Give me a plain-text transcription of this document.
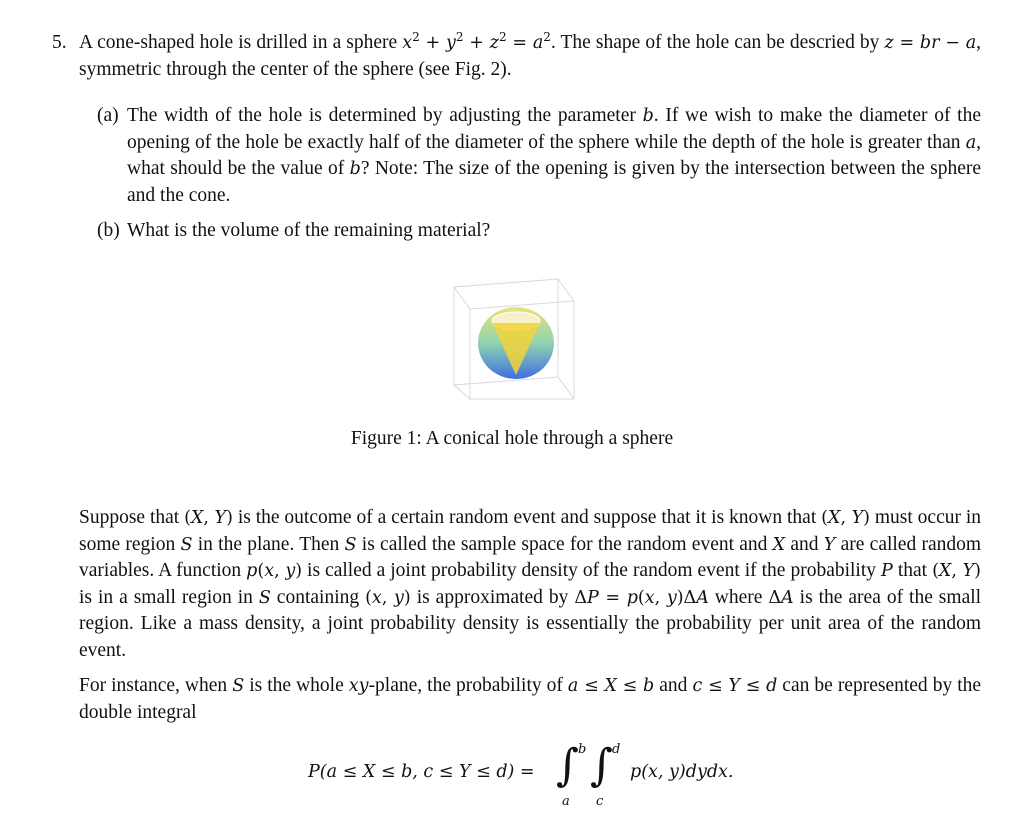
5. A cone-shaped hole is drilled in a sphere $x^2 + y^2 + z^2 = a^2$. The shape of the hole can be descried by z = br − a, symmetric through the center of the sphere (see Fig. 2).
(a) The width of the hole is determined by adjusting the parameter b. If we wish to make the diameter of the opening of the hole be exactly half of the diameter of the sphere while the depth of the hole is greater than a, what should be the value of b? Note: The size of the opening is given by the intersection between the sphere and the cone.
(b) What is the volume of the remaining material?
Figure 1: A conical hole through a sphere
Suppose that (X, Y) is the outcome of a certain random event and suppose that it is known that (X, Y) must occur in some region S in the plane. Then S is called the sample space for the random event and X and Y are called random variables. A function p(x, y) is called a joint probability density of the random event if the probability P that (X, Y) is in a small region in S containing (x, y) is approximated by ΔP = p(x, y)ΔA where ΔA is the area of the small region. Like a mass density, a joint probability density is essentially the probability per unit area of the random event.
For instance, when S is the whole xy-plane, the probability of a ≤ X ≤ b and c ≤ Y ≤ d can be represented by the double integral
P(a ≤ X ≤ b, c ≤ Y ≤ d) = ∫ b
a
∫ d
c
p(x, y)dydx.
